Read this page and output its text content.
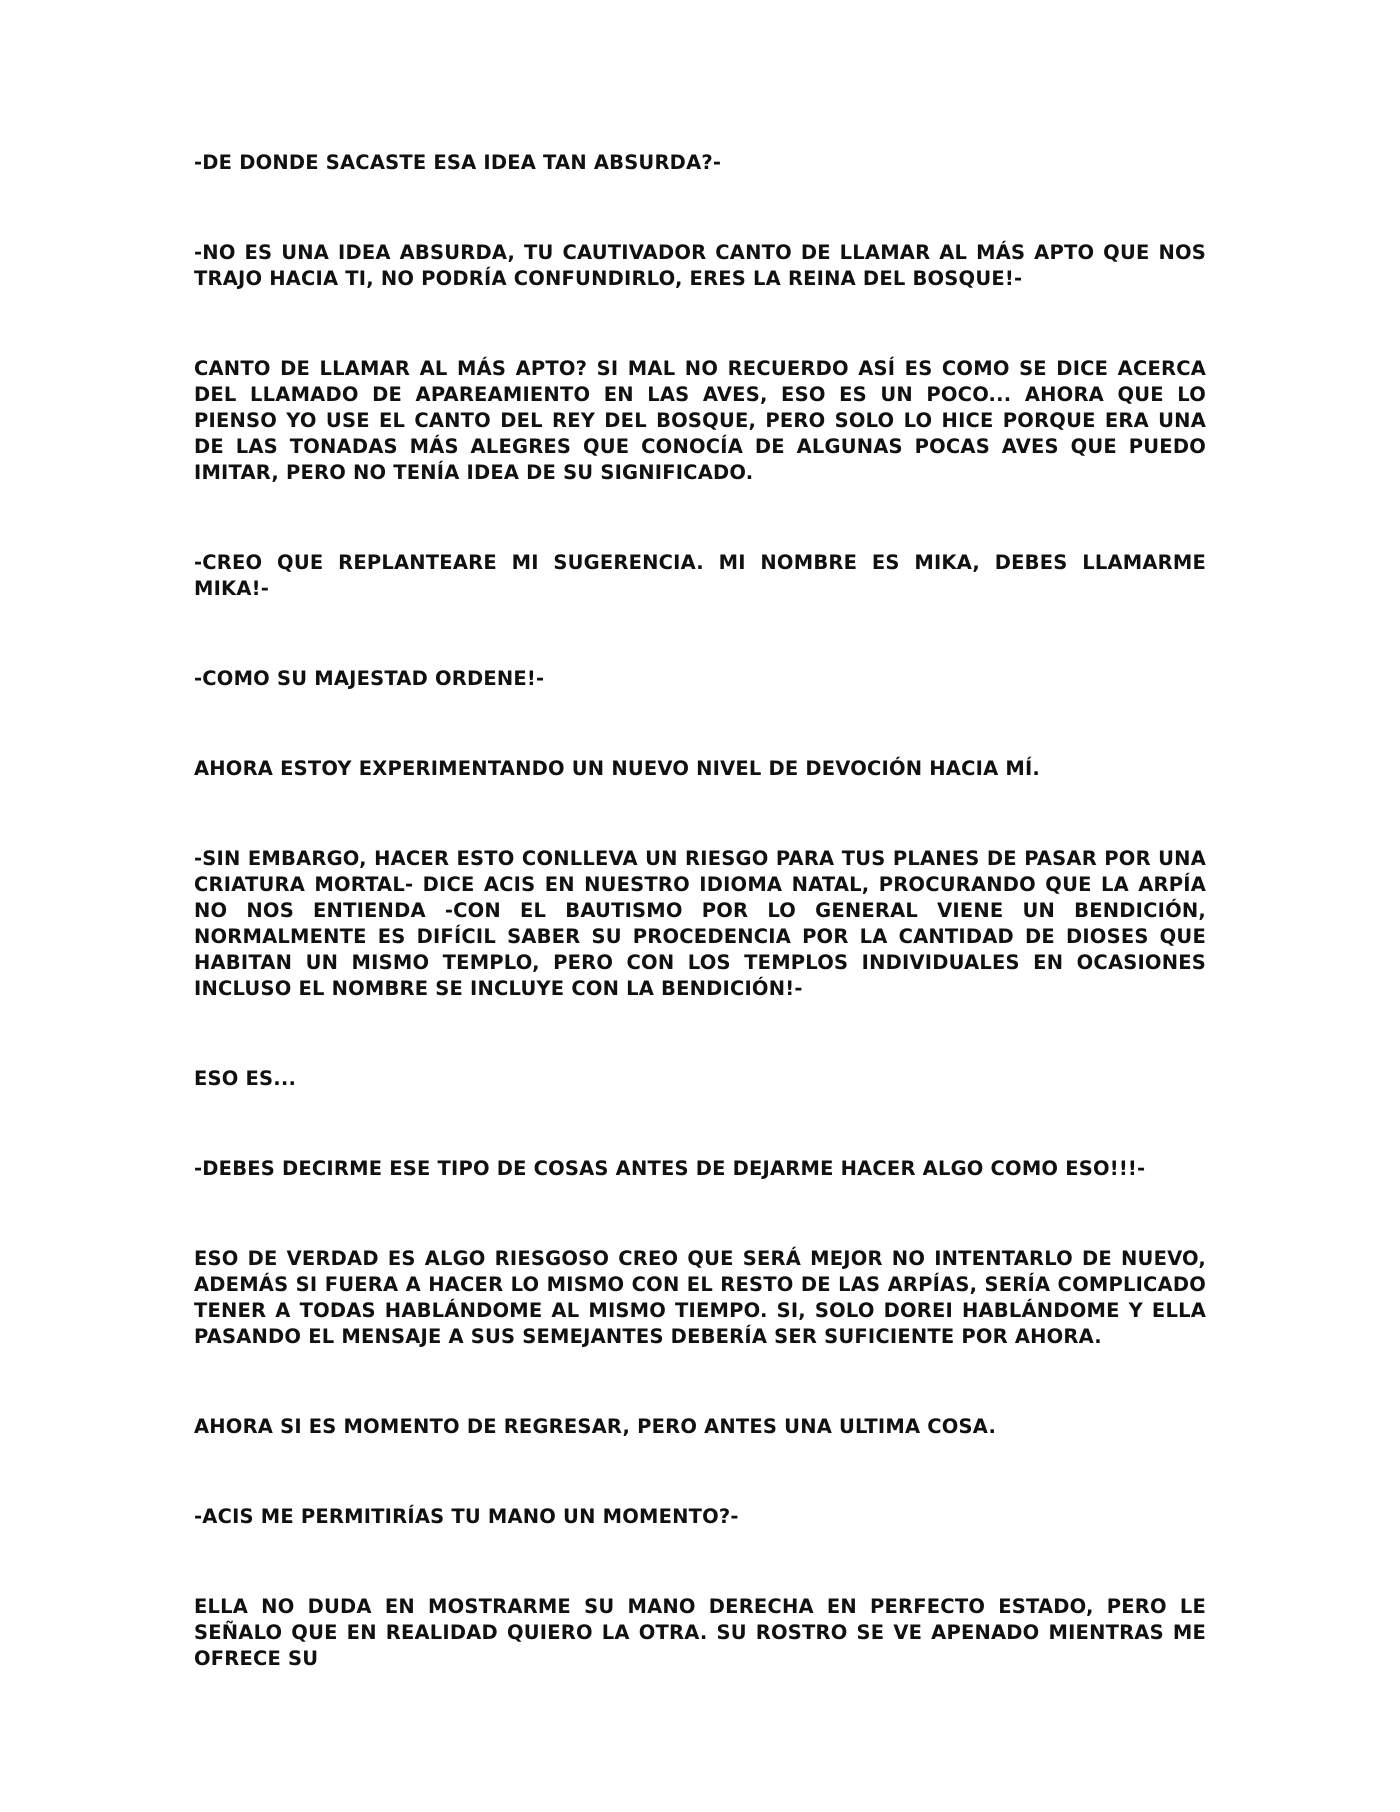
-DE DONDE SACASTE ESA IDEA TAN ABSURDA?-

-NO ES UNA IDEA ABSURDA, TU CAUTIVADOR CANTO DE LLAMAR AL MÁS APTO QUE NOS TRAJO HACIA TI, NO PODRÍA CONFUNDIRLO, ERES LA REINA DEL BOSQUE!-

CANTO DE LLAMAR AL MÁS APTO? SI MAL NO RECUERDO ASÍ ES COMO SE DICE ACERCA DEL LLAMADO DE APAREAMIENTO EN LAS AVES, ESO ES UN POCO... AHORA QUE LO PIENSO YO USE EL CANTO DEL REY DEL BOSQUE, PERO SOLO LO HICE PORQUE ERA UNA DE LAS TONADAS MÁS ALEGRES QUE CONOCÍA DE ALGUNAS POCAS AVES QUE PUEDO IMITAR, PERO NO TENÍA IDEA DE SU SIGNIFICADO.

-CREO QUE REPLANTEARE MI SUGERENCIA. MI NOMBRE ES MIKA, DEBES LLAMARME MIKA!-

-COMO SU MAJESTAD ORDENE!-

AHORA ESTOY EXPERIMENTANDO UN NUEVO NIVEL DE DEVOCIÓN HACIA MÍ.

-SIN EMBARGO, HACER ESTO CONLLEVA UN RIESGO PARA TUS PLANES DE PASAR POR UNA CRIATURA MORTAL- DICE ACIS EN NUESTRO IDIOMA NATAL, PROCURANDO QUE LA ARPÍA NO NOS ENTIENDA -CON EL BAUTISMO POR LO GENERAL VIENE UN BENDICIÓN, NORMALMENTE ES DIFÍCIL SABER SU PROCEDENCIA POR LA CANTIDAD DE DIOSES QUE HABITAN UN MISMO TEMPLO, PERO CON LOS TEMPLOS INDIVIDUALES EN OCASIONES INCLUSO EL NOMBRE SE INCLUYE CON LA BENDICIÓN!-

ESO ES...

-DEBES DECIRME ESE TIPO DE COSAS ANTES DE DEJARME HACER ALGO COMO ESO!!!-

ESO DE VERDAD ES ALGO RIESGOSO CREO QUE SERÁ MEJOR NO INTENTARLO DE NUEVO, ADEMÁS SI FUERA A HACER LO MISMO CON EL RESTO DE LAS ARPÍAS, SERÍA COMPLICADO TENER A TODAS HABLÁNDOME AL MISMO TIEMPO. SI, SOLO DOREI HABLÁNDOME Y ELLA PASANDO EL MENSAJE A SUS SEMEJANTES DEBERÍA SER SUFICIENTE POR AHORA.

AHORA SI ES MOMENTO DE REGRESAR, PERO ANTES UNA ULTIMA COSA.

-ACIS ME PERMITIRÍAS TU MANO UN MOMENTO?-

ELLA NO DUDA EN MOSTRARME SU MANO DERECHA EN PERFECTO ESTADO, PERO LE SEÑALO QUE EN REALIDAD QUIERO LA OTRA. SU ROSTRO SE VE APENADO MIENTRAS ME OFRECE SU
